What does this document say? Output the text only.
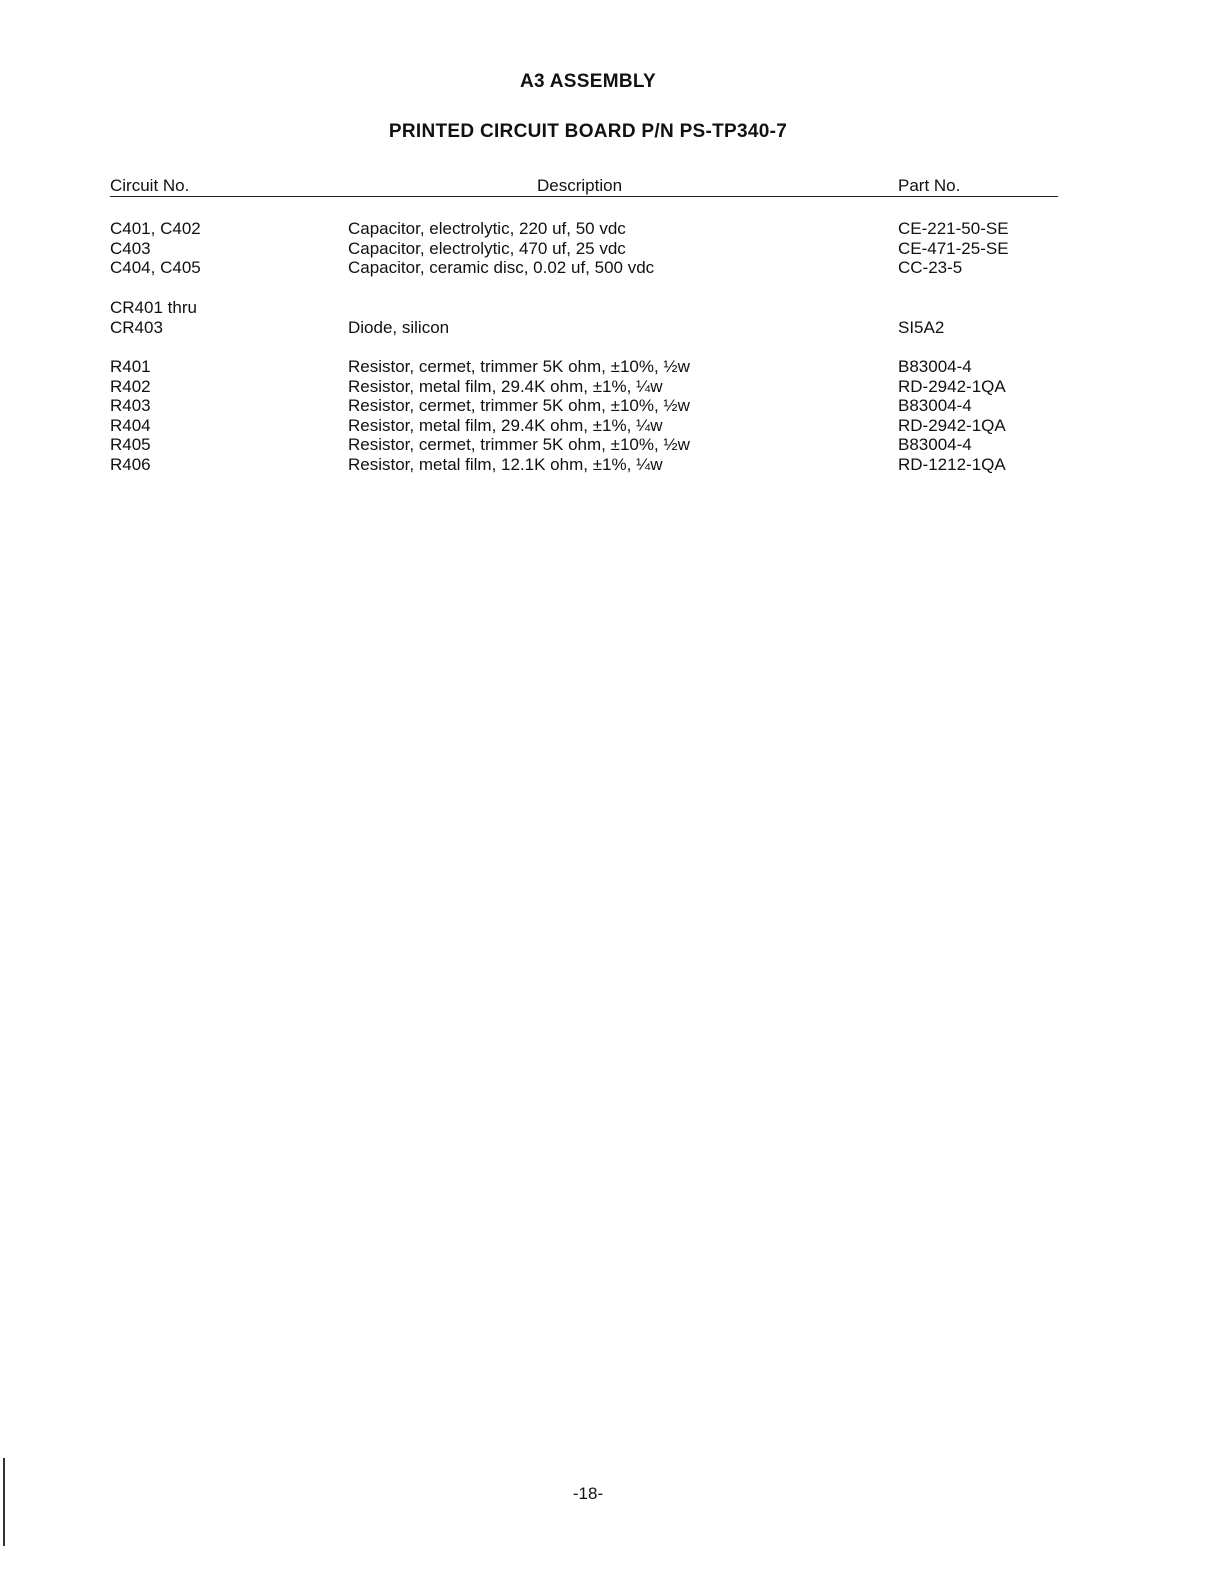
A3 ASSEMBLY
PRINTED CIRCUIT BOARD P/N PS-TP340-7
Circuit No.	Description	Part No.
C401, C402	Capacitor, electrolytic, 220 uf, 50 vdc	CE-221-50-SE
C403	Capacitor, electrolytic, 470 uf, 25 vdc	CE-471-25-SE
C404, C405	Capacitor, ceramic disc, 0.02 uf, 500 vdc	CC-23-5
CR401 thru
CR403	Diode, silicon	SI5A2
R401	Resistor, cermet, trimmer 5K ohm, ±10%, ½w	B83004-4
R402	Resistor, metal film, 29.4K ohm, ±1%, ¼w	RD-2942-1QA
R403	Resistor, cermet, trimmer 5K ohm, ±10%, ½w	B83004-4
R404	Resistor, metal film, 29.4K ohm, ±1%, ¼w	RD-2942-1QA
R405	Resistor, cermet, trimmer 5K ohm, ±10%, ½w	B83004-4
R406	Resistor, metal film, 12.1K ohm, ±1%, ¼w	RD-1212-1QA
-18-
